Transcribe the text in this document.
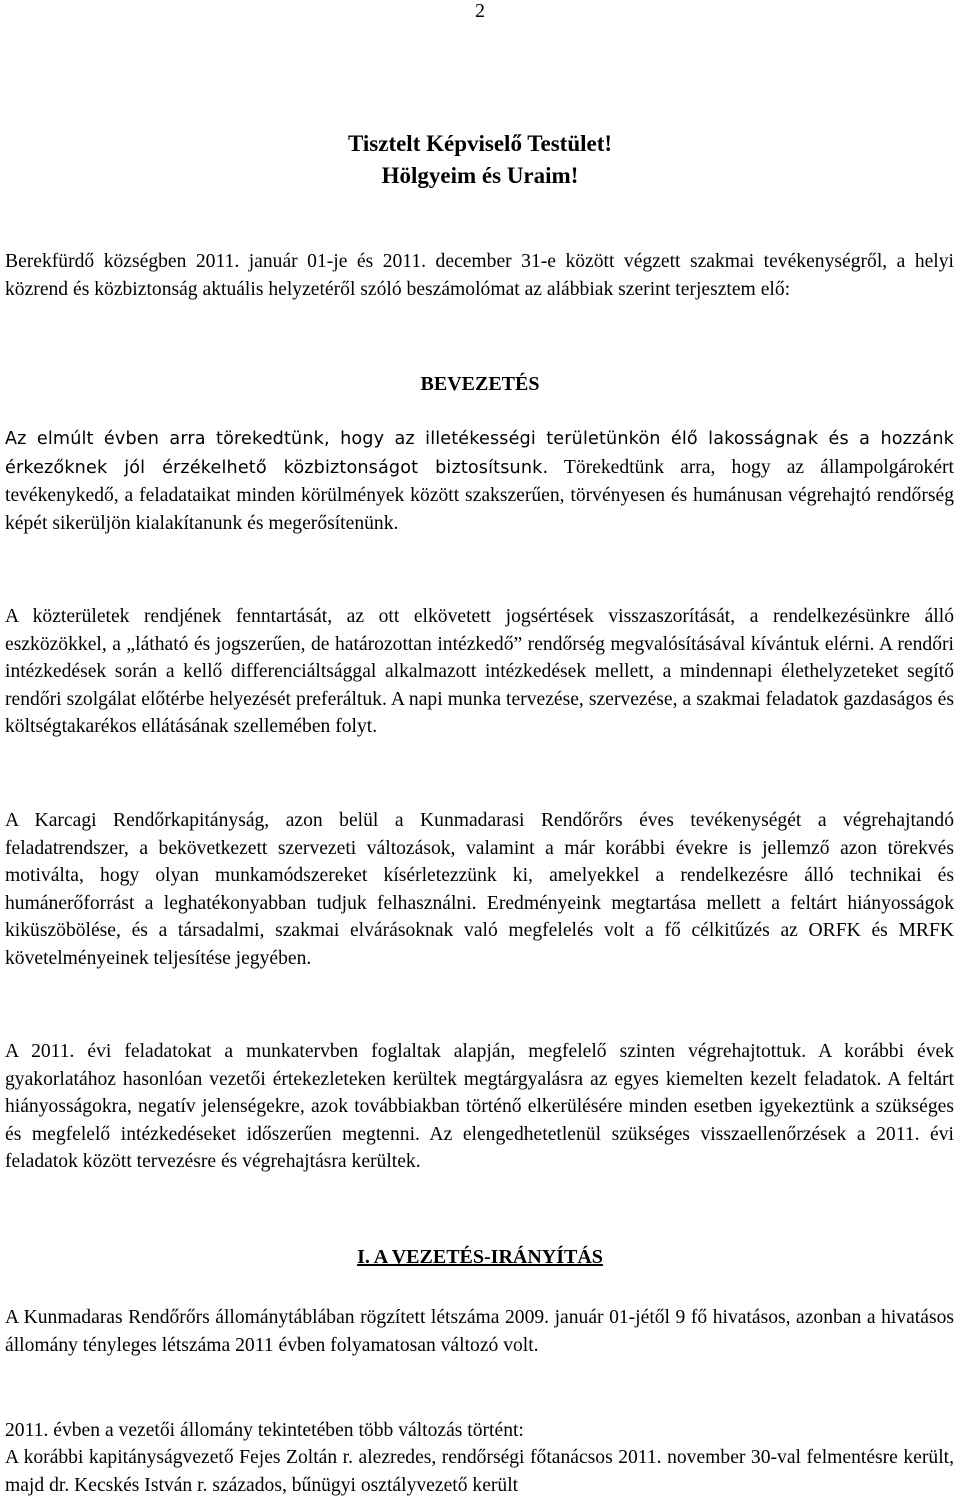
2
Tisztelt Képviselő Testület!
Hölgyeim és Uraim!

Berekfürdő községben 2011. január 01-je és 2011. december 31-e között végzett szakmai tevékenységről, a helyi közrend és közbiztonság aktuális helyzetéről szóló beszámolómat az alábbiak szerint terjesztem elő:

BEVEZETÉS

Az elmúlt évben arra törekedtünk, hogy az illetékességi területünkön élő lakosságnak és a hozzánk érkezőknek jól érzékelhető közbiztonságot biztosítsunk. Törekedtünk arra, hogy az állampolgárokért tevékenykedő, a feladataikat minden körülmények között szakszerűen, törvényesen és humánusan végrehajtó rendőrség képét sikerüljön kialakítanunk és megerősítenünk.

A közterületek rendjének fenntartását, az ott elkövetett jogsértések visszaszorítását, a rendelkezésünkre álló eszközökkel, a „látható és jogszerűen, de határozottan intézkedő” rendőrség megvalósításával kívántuk elérni. A rendőri intézkedések során a kellő differenciáltsággal alkalmazott intézkedések mellett, a mindennapi élethelyzeteket segítő rendőri szolgálat előtérbe helyezését preferáltuk. A napi munka tervezése, szervezése, a szakmai feladatok gazdaságos és költségtakarékos ellátásának szellemében folyt.

A Karcagi Rendőrkapitányság, azon belül a Kunmadarasi Rendőrőrs éves tevékenységét a végrehajtandó feladatrendszer, a bekövetkezett szervezeti változások, valamint a már korábbi évekre is jellemző azon törekvés motiválta, hogy olyan munkamódszereket kísérletezzünk ki, amelyekkel a rendelkezésre álló technikai és humánerőforrást a leghatékonyabban tudjuk felhasználni. Eredményeink megtartása mellett a feltárt hiányosságok kiküszöbölése, és a társadalmi, szakmai elvárásoknak való megfelelés volt a fő célkitűzés az ORFK és MRFK követelményeinek teljesítése jegyében.

A 2011. évi feladatokat a munkatervben foglaltak alapján, megfelelő szinten végrehajtottuk. A korábbi évek gyakorlatához hasonlóan vezetői értekezleteken kerültek megtárgyalásra az egyes kiemelten kezelt feladatok. A feltárt hiányosságokra, negatív jelenségekre, azok továbbiakban történő elkerülésére minden esetben igyekeztünk a szükséges és megfelelő intézkedéseket időszerűen megtenni. Az elengedhetetlenül szükséges visszaellenőrzések a 2011. évi feladatok között tervezésre és végrehajtásra kerültek.

I. A VEZETÉS-IRÁNYÍTÁS

A Kunmadaras Rendőrőrs állománytáblában rögzített létszáma 2009. január 01-jétől 9 fő hivatásos, azonban a hivatásos állomány tényleges létszáma 2011 évben folyamatosan változó volt.

2011. évben a vezetői állomány tekintetében több változás történt:

A korábbi kapitányságvezető Fejes Zoltán r. alezredes, rendőrségi főtanácsos 2011. november 30-val felmentésre került, majd dr. Kecskés István r. százados, bűnügyi osztályvezető került
